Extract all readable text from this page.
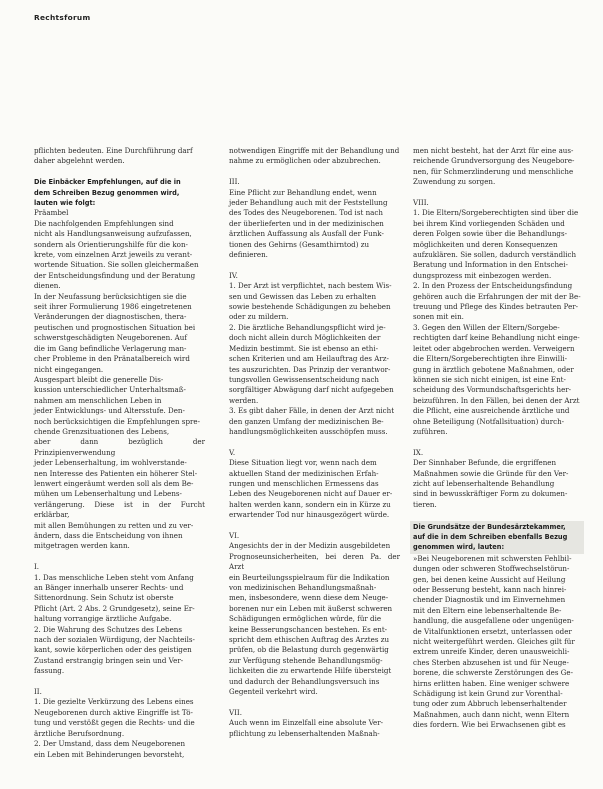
Rechtsforum

pflichten bedeuten. Eine Durchführung darf

daher abgelehnt werden.

Die Einbäcker Empfehlungen, auf die in

dem Schreiben Bezug genommen wird,

lauten wie folgt:

Präambel

Die nachfolgenden Empfehlungen sind

nicht als Handlungsanweisung aufzufassen,

sondern als Orientierungshilfe für die kon-

krete, vom einzelnen Arzt jeweils zu verant-

wortende Situation. Sie sollen gleichermaßen

der Entscheidungsfindung und der Beratung

dienen.

In der Neufassung berücksichtigen sie die

seit ihrer Formulierung 1986 eingetretenen

Veränderungen der diagnostischen, thera-

peutischen und prognostischen Situation bei

schwerstgeschädigten Neugeborenen. Auf

die im Gang befindliche Verlagerung man-

cher Probleme in den Pränatalbereich wird

nicht eingegangen.

Ausgespart bleibt die generelle Dis-

kussion unterschiedlicher Unterhaltsmaß-

nahmen am menschlichen Leben in

jeder Entwicklungs- und Altersstufe. Den-

noch berücksichtigen die Empfehlungen spre-

chende Grenzsituationen des Lebens,

aber dann bezüglich der Prinzipienverwendung

jeder Lebenserhaltung, im wohlverstande-

nen Interesse des Patienten ein höherer Stel-

lenwert eingeräumt werden soll als dem Be-

mühen um Lebenserhaltung und Lebens-

verlängerung. Diese ist in der Furcht erklärbar,

mit allen Bemühungen zu retten und zu ver-

ändern, dass die Entscheidung von ihnen

mitgetragen werden kann.

I.

1. Das menschliche Leben steht vom Anfang

an Bänger innerhalb unserer Rechts- und

Sittenordnung. Sein Schutz ist oberste

Pflicht (Art. 2 Abs. 2 Grundgesetz), seine Er-

haltung vorrangige ärztliche Aufgabe.

2. Die Wahrung des Schutzes des Lebens

nach der sozialen Würdigung, der Nachteils-

kant, sowie körperlichen oder des geistigen

Zustand erstrangig bringen sein und Ver-

fassung.

II.

1. Die gezielte Verkürzung des Lebens eines

Neugeborenen durch aktive Eingriffe ist Tö-

tung und verstößt gegen die Rechts- und die

ärztliche Berufsordnung.

2. Der Umstand, dass dem Neugeborenen

ein Leben mit Behinderungen bevorsteht,

notwendigen Eingriffe mit der Behandlung und

nahme zu ermöglichen oder abzubrechen.

III.

Eine Pflicht zur Behandlung endet, wenn

jeder Behandlung auch mit der Feststellung

des Todes des Neugeborenen. Tod ist nach

der überlieferten und in der medizinischen

ärztlichen Auffassung als Ausfall der Funk-

tionen des Gehirns (Gesamthirntod) zu

definieren.

IV.

1. Der Arzt ist verpflichtet, nach bestem Wis-

sen und Gewissen das Leben zu erhalten

sowie bestehende Schädigungen zu beheben

oder zu mildern.

2. Die ärztliche Behandlungspflicht wird je-

doch nicht allein durch Möglichkeiten der

Medizin bestimmt. Sie ist ebenso an ethi-

schen Kriterien und am Heilauftrag des Arz-

tes auszurichten. Das Prinzip der verantwor-

tungsvollen Gewissensentscheidung nach

sorgfältiger Abwägung darf nicht aufgegeben

werden.

3. Es gibt daher Fälle, in denen der Arzt nicht

den ganzen Umfang der medizinischen Be-

handlungsmöglichkeiten ausschöpfen muss.

V.

Diese Situation liegt vor, wenn nach dem

aktuellen Stand der medizinischen Erfah-

rungen und menschlichen Ermessens das

Leben des Neugeborenen nicht auf Dauer er-

halten werden kann, sondern ein in Kürze zu

erwartender Tod nur hinausgezögert würde.

VI.

Angesichts der in der Medizin ausgebildeten

Prognoseunsicherheiten, bei deren Pa. der Arzt

ein Beurteilungsspielraum für die Indikation

von medizinischen Behandlungsmaßnah-

men, insbesondere, wenn diese dem Neuge-

borenen nur ein Leben mit äußerst schweren

Schädigungen ermöglichen würde, für die

keine Besserungschancen bestehen. Es ent-

spricht dem ethischen Auftrag des Arztes zu

prüfen, ob die Belastung durch gegenwärtig

zur Verfügung stehende Behandlungsmög-

lichkeiten die zu erwartende Hilfe übersteigt

und dadurch der Behandlungsversuch ins

Gegenteil verkehrt wird.

VII.

Auch wenn im Einzelfall eine absolute Ver-

pflichtung zu lebenserhaltenden Maßnah-

men nicht besteht, hat der Arzt für eine aus-

reichende Grundversorgung des Neugebore-

nen, für Schmerzlinderung und menschliche

Zuwendung zu sorgen.

VIII.

1. Die Eltern/Sorgeberechtigten sind über die

bei ihrem Kind vorliegenden Schäden und

deren Folgen sowie über die Behandlungs-

möglichkeiten und deren Konsequenzen

aufzuklären. Sie sollen, dadurch verständlich

Beratung und Information in den Entschei-

dungsprozess mit einbezogen werden.

2. In den Prozess der Entscheidungsfindung

gehören auch die Erfahrungen der mit der Be-

treuung und Pflege des Kindes betrauten Per-

sonen mit ein.

3. Gegen den Willen der Eltern/Sorgebe-

rechtigten darf keine Behandlung nicht einge-

leitet oder abgebrochen werden. Verweigern

die Eltern/Sorgeberechtigten ihre Einwilli-

gung in ärztlich gebotene Maßnahmen, oder

können sie sich nicht einigen, ist eine Ent-

scheidung des Vormundschaftsgerichts her-

beizuführen. In den Fällen, bei denen der Arzt

die Pflicht, eine ausreichende ärztliche und

ohne Beteiligung (Notfallsituation) durch-

zuführen.

IX.

Der Sinnhaber Befunde, die ergriffenen

Maßnahmen sowie die Gründe für den Ver-

zicht auf lebenserhaltende Behandlung

sind in bewusskräftiger Form zu dokumen-

tieren.

Die Grundsätze der Bundesärztekammer,

auf die in dem Schreiben ebenfalls Bezug

genommen wird, lauten:

»Bei Neugeborenen mit schwersten Fehlbil-

dungen oder schweren Stoffwechselstörun-

gen, bei denen keine Aussicht auf Heilung

oder Besserung besteht, kann nach hinrei-

chender Diagnostik und im Einvernehmen

mit den Eltern eine lebenserhaltende Be-

handlung, die ausgefallene oder ungenügen-

de Vitalfunktionen ersetzt, unterlassen oder

nicht weitergeführt werden. Gleiches gilt für

extrem unreife Kinder, deren unausweichli-

ches Sterben abzusehen ist und für Neuge-

borene, die schwerste Zerstörungen des Ge-

hirns erlitten haben. Eine weniger schwere

Schädigung ist kein Grund zur Vorenthal-

tung oder zum Abbruch lebenserhaltender

Maßnahmen, auch dann nicht, wenn Eltern

dies fordern. Wie bei Erwachsenen gibt es
